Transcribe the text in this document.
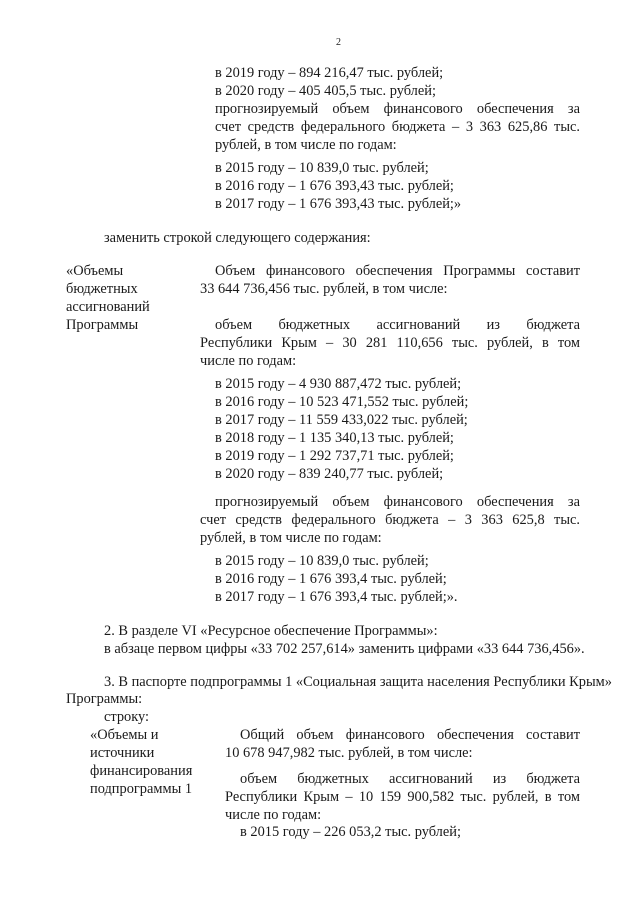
2
в 2019 году – 894 216,47 тыс. рублей;
в 2020 году – 405 405,5 тыс. рублей;
прогнозируемый объем финансового обеспечения за
счет средств федерального бюджета – 3 363 625,86 тыс.
рублей, в том числе по годам:
в 2015 году – 10 839,0 тыс. рублей;
в 2016 году – 1 676 393,43 тыс. рублей;
в 2017 году – 1 676 393,43 тыс. рублей;»
заменить строкой следующего содержания:
«Объемы
бюджетных
ассигнований
Программы
Объем финансового обеспечения Программы составит
33 644 736,456 тыс. рублей, в том числе:
объем бюджетных ассигнований из бюджета
Республики Крым – 30 281 110,656 тыс. рублей, в том
числе по годам:
в 2015 году – 4 930 887,472 тыс. рублей;
в 2016 году – 10 523 471,552 тыс. рублей;
в 2017 году – 11 559 433,022 тыс. рублей;
в 2018 году – 1 135 340,13 тыс. рублей;
в 2019 году – 1 292 737,71 тыс. рублей;
в 2020 году – 839 240,77 тыс. рублей;
прогнозируемый объем финансового обеспечения за
счет средств федерального бюджета – 3 363 625,8 тыс.
рублей, в том числе по годам:
в 2015 году – 10 839,0 тыс. рублей;
в 2016 году – 1 676 393,4 тыс. рублей;
в 2017 году – 1 676 393,4 тыс. рублей;».
2. В разделе VI «Ресурсное обеспечение Программы»:
в абзаце первом цифры «33 702 257,614» заменить цифрами «33 644 736,456».
3. В паспорте подпрограммы 1 «Социальная защита населения Республики Крым»
Программы:
строку:
«Объемы и
источники
финансирования
подпрограммы 1
Общий объем финансового обеспечения составит
10 678 947,982 тыс. рублей, в том числе:
объем бюджетных ассигнований из бюджета
Республики Крым – 10 159 900,582 тыс. рублей, в том
числе по годам:
в 2015 году – 226 053,2 тыс. рублей;
